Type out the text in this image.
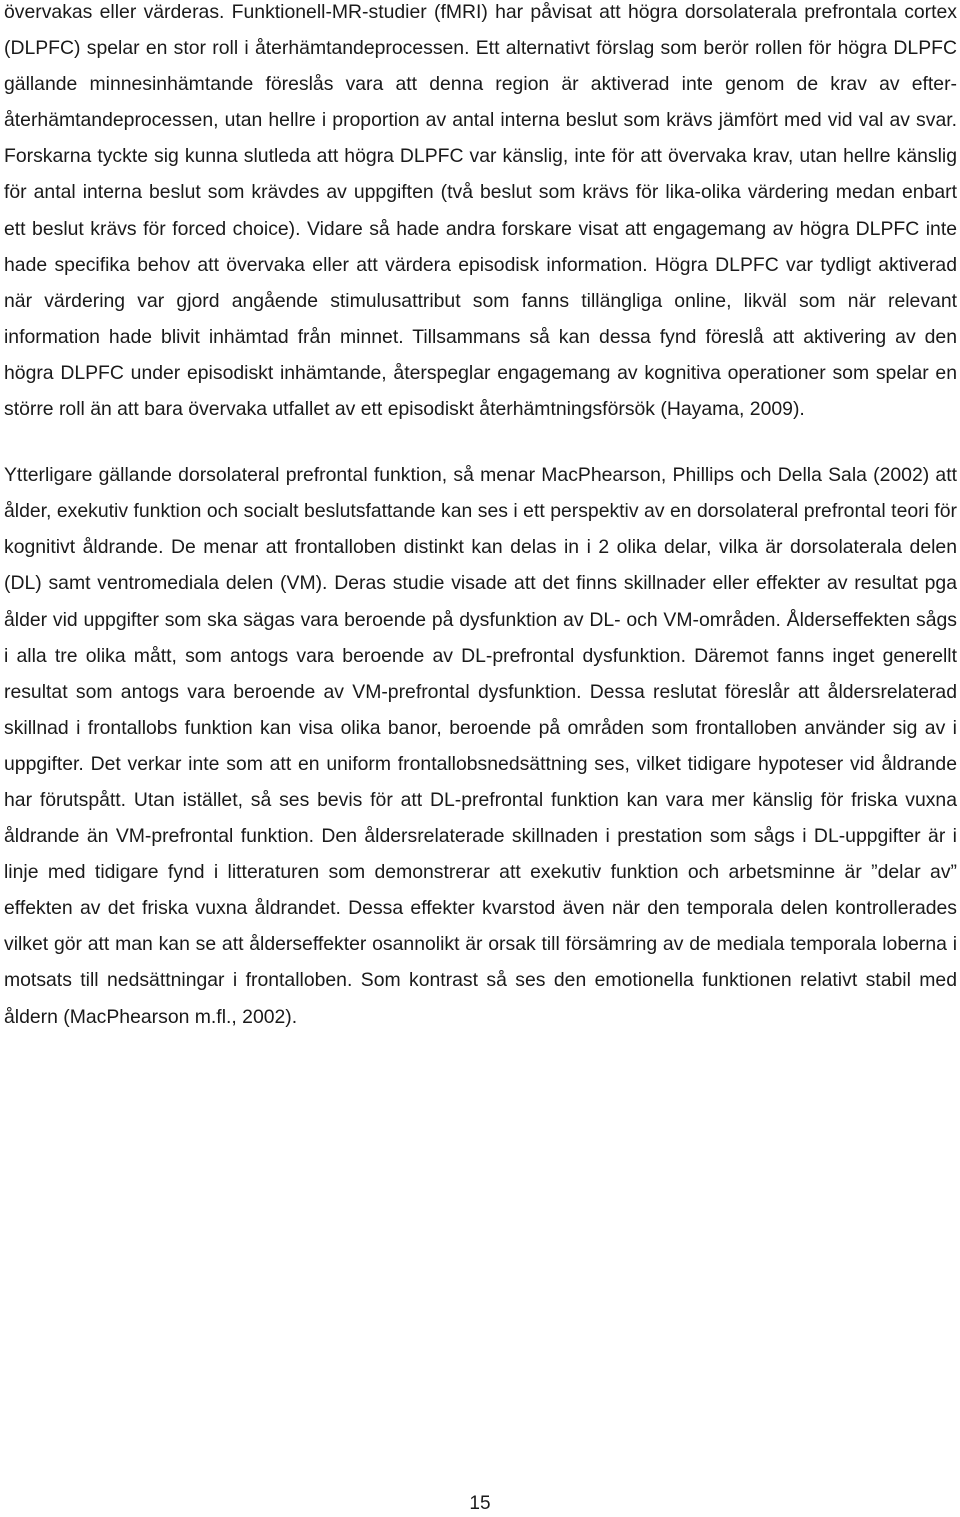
övervakas eller värderas. Funktionell-MR-studier (fMRI) har påvisat att högra dorsolaterala prefrontala cortex (DLPFC) spelar en stor roll i återhämtandeprocessen. Ett alternativt förslag som berör rollen för högra DLPFC gällande minnesinhämtande föreslås vara att denna region är aktiverad inte genom de krav av efter-återhämtandeprocessen, utan hellre i proportion av antal interna beslut som krävs jämfört med vid val av svar. Forskarna tyckte sig kunna slutleda att högra DLPFC var känslig, inte för att övervaka krav, utan hellre känslig för antal interna beslut som krävdes av uppgiften (två beslut som krävs för lika-olika värdering medan enbart ett beslut krävs för forced choice). Vidare så hade andra forskare visat att engagemang av högra DLPFC inte hade specifika behov att övervaka eller att värdera episodisk information. Högra DLPFC var tydligt aktiverad när värdering var gjord angående stimulusattribut som fanns tillängliga online, likväl som när relevant information hade blivit inhämtad från minnet. Tillsammans så kan dessa fynd föreslå att aktivering av den högra DLPFC under episodiskt inhämtande, återspeglar engagemang av kognitiva operationer som spelar en större roll än att bara övervaka utfallet av ett episodiskt återhämtningsförsök (Hayama, 2009).

Ytterligare gällande dorsolateral prefrontal funktion, så menar MacPhearson, Phillips och Della Sala (2002) att ålder, exekutiv funktion och socialt beslutsfattande kan ses i ett perspektiv av en dorsolateral prefrontal teori för kognitivt åldrande. De menar att frontalloben distinkt kan delas in i 2 olika delar, vilka är dorsolaterala delen (DL) samt ventromediala delen (VM). Deras studie visade att det finns skillnader eller effekter av resultat pga ålder vid uppgifter som ska sägas vara beroende på dysfunktion av DL- och VM-områden. Ålderseffekten sågs i alla tre olika mått, som antogs vara beroende av DL-prefrontal dysfunktion. Däremot fanns inget generellt resultat som antogs vara beroende av VM-prefrontal dysfunktion. Dessa reslutat föreslår att åldersrelaterad skillnad i frontallobs funktion kan visa olika banor, beroende på områden som frontalloben använder sig av i uppgifter. Det verkar inte som att en uniform frontallobsnedsättning ses, vilket tidigare hypoteser vid åldrande har förutspått. Utan istället, så ses bevis för att DL-prefrontal funktion kan vara mer känslig för friska vuxna åldrande än VM-prefrontal funktion. Den åldersrelaterade skillnaden i prestation som sågs i DL-uppgifter är i linje med tidigare fynd i litteraturen som demonstrerar att exekutiv funktion och arbetsminne är ”delar av” effekten av det friska vuxna åldrandet. Dessa effekter kvarstod även när den temporala delen kontrollerades vilket gör att man kan se att ålderseffekter osannolikt är orsak till försämring av de mediala temporala loberna i motsats till nedsättningar i frontalloben. Som kontrast så ses den emotionella funktionen relativt stabil med åldern (MacPhearson m.fl., 2002).

15
